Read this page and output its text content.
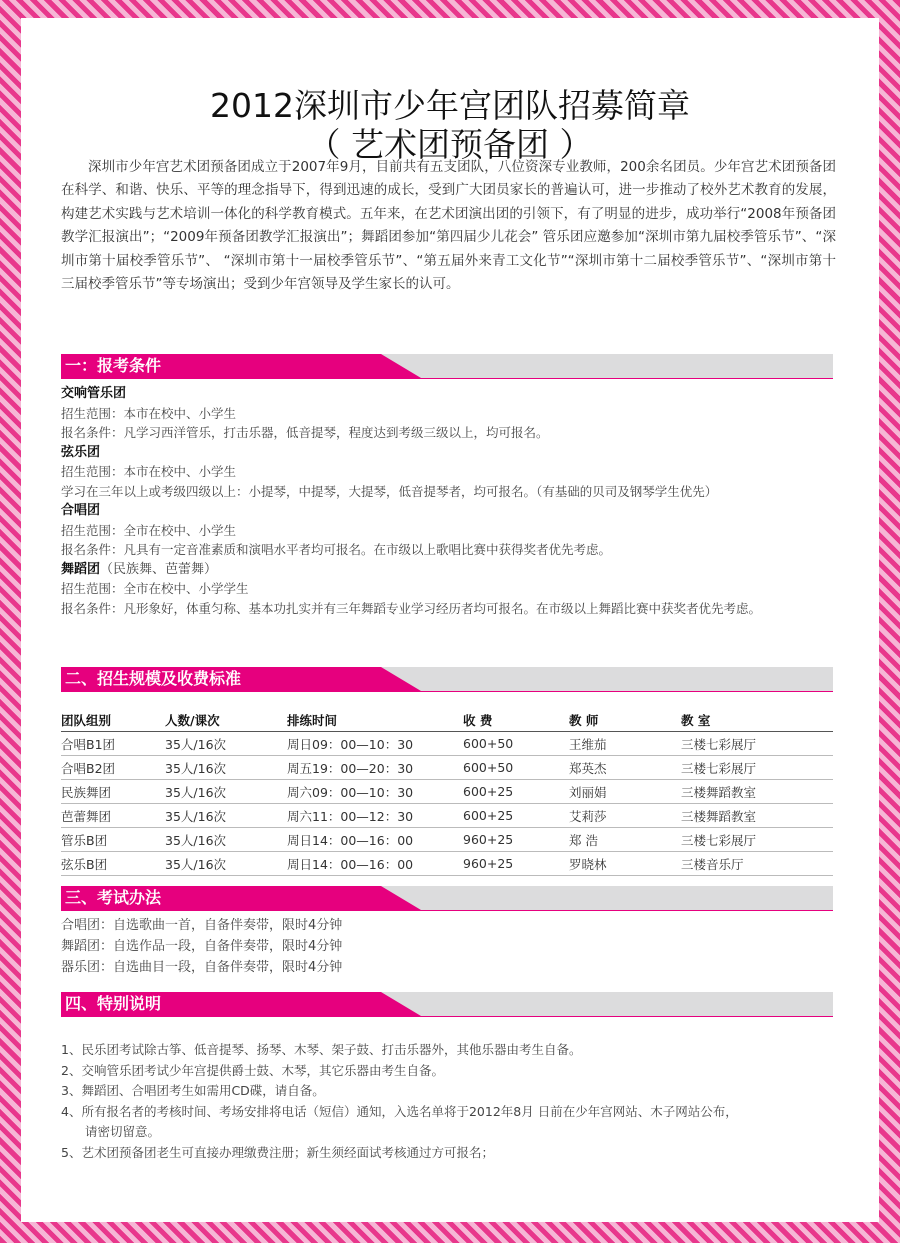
2012深圳市少年宫团队招募简章
（ 艺术团预备团 ）
深圳市少年宫艺术团预备团成立于2007年9月，目前共有五支团队，八位资深专业教师，200余名团员。少年宫艺术团预备团在科学、和谐、快乐、平等的理念指导下，得到迅速的成长，受到广大团员家长的普遍认可，进一步推动了校外艺术教育的发展，构建艺术实践与艺术培训一体化的科学教育模式。五年来，在艺术团演出团的引领下，有了明显的进步，成功举行“2008年预备团教学汇报演出”；“2009年预备团教学汇报演出”；舞蹈团参加“第四届少儿花会” 管乐团应邀参加“深圳市第九届校季管乐节”、“深圳市第十届校季管乐节”、 “深圳市第十一届校季管乐节”、“第五届外来青工文化节”“深圳市第十二届校季管乐节”、“深圳市第十三届校季管乐节”等专场演出；受到少年宫领导及学生家长的认可。
一：报考条件
交响管乐团
招生范围：本市在校中、小学生
报名条件：凡学习西洋管乐，打击乐器，低音提琴，程度达到考级三级以上，均可报名。
弦乐团
招生范围：本市在校中、小学生
学习在三年以上或考级四级以上：小提琴，中提琴，大提琴，低音提琴者，均可报名。（有基础的贝司及钢琴学生优先）
合唱团
招生范围：全市在校中、小学生
报名条件：凡具有一定音准素质和演唱水平者均可报名。在市级以上歌唱比赛中获得奖者优先考虑。
舞蹈团（民族舞、芭蕾舞）
招生范围：全市在校中、小学学生
报名条件：凡形象好，体重匀称、基本功扎实并有三年舞蹈专业学习经历者均可报名。在市级以上舞蹈比赛中获奖者优先考虑。
二、招生规模及收费标准
团队组别	人数/课次	排练时间	收 费	教 师	教 室
合唱B1团	35人/16次	周日09：00—10：30	600+50	王维茄	三楼七彩展厅
合唱B2团	35人/16次	周五19：00—20：30	600+50	郑英杰	三楼七彩展厅
民族舞团	35人/16次	周六09：00—10：30	600+25	刘丽娟	三楼舞蹈教室
芭蕾舞团	35人/16次	周六11：00—12：30	600+25	艾莉莎	三楼舞蹈教室
管乐B团	35人/16次	周日14：00—16：00	960+25	郑 浩	三楼七彩展厅
弦乐B团	35人/16次	周日14：00—16：00	960+25	罗晓林	三楼音乐厅
三、考试办法
合唱团：自选歌曲一首，自备伴奏带，限时4分钟
舞蹈团：自选作品一段，自备伴奏带，限时4分钟
器乐团：自选曲目一段，自备伴奏带，限时4分钟
四、特别说明
1、民乐团考试除古筝、低音提琴、扬琴、木琴、架子鼓、打击乐器外，其他乐器由考生自备。
2、交响管乐团考试少年宫提供爵士鼓、木琴，其它乐器由考生自备。
3、舞蹈团、合唱团考生如需用CD碟，请自备。
4、所有报名者的考核时间、考场安排将电话（短信）通知，入选名单将于2012年8月 日前在少年宫网站、木子网站公布，
请密切留意。
5、艺术团预备团老生可直接办理缴费注册；新生须经面试考核通过方可报名；
